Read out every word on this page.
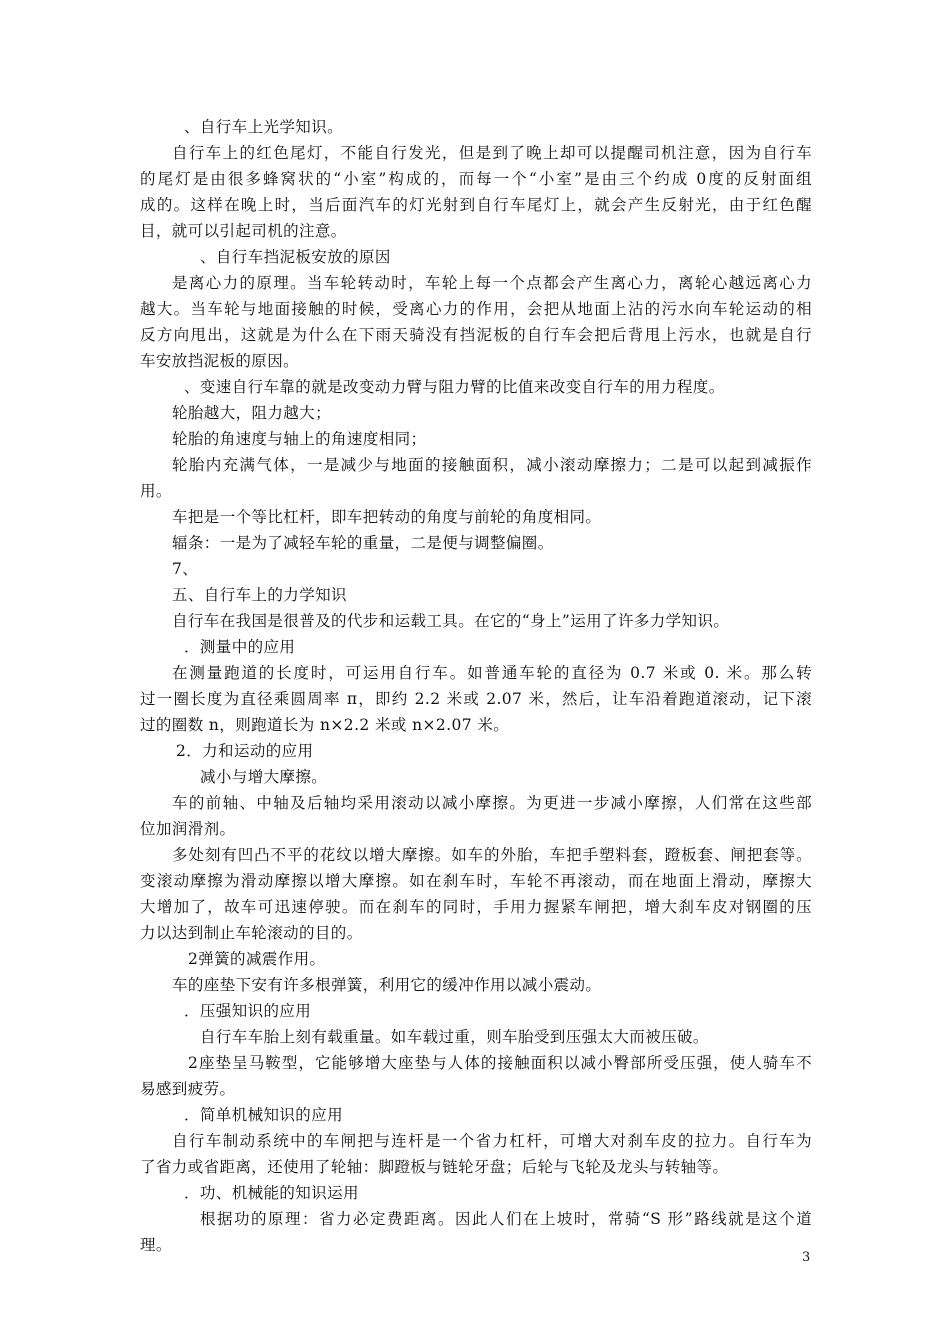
、自行车上光学知识。
自行车上的红色尾灯，不能自行发光，但是到了晚上却可以提醒司机注意，因为自行车
的尾灯是由很多蜂窝状的“小室”构成的，而每一个“小室”是由三个约成 0度的反射面组
成的。这样在晚上时，当后面汽车的灯光射到自行车尾灯上，就会产生反射光，由于红色醒
目，就可以引起司机的注意。
、自行车挡泥板安放的原因
是离心力的原理。当车轮转动时，车轮上每一个点都会产生离心力，离轮心越远离心力
越大。当车轮与地面接触的时候，受离心力的作用，会把从地面上沾的污水向车轮运动的相
反方向甩出，这就是为什么在下雨天骑没有挡泥板的自行车会把后背甩上污水，也就是自行
车安放挡泥板的原因。
、变速自行车靠的就是改变动力臂与阻力臂的比值来改变自行车的用力程度。
轮胎越大，阻力越大；
轮胎的角速度与轴上的角速度相同；
轮胎内充满气体，一是减少与地面的接触面积，减小滚动摩擦力；二是可以起到减振作
用。
车把是一个等比杠杆，即车把转动的角度与前轮的角度相同。
辐条：一是为了减轻车轮的重量，二是便与调整偏圈。
7、
五、自行车上的力学知识
自行车在我国是很普及的代步和运载工具。在它的“身上”运用了许多力学知识。
．测量中的应用
在测量跑道的长度时，可运用自行车。如普通车轮的直径为 0.7 米或 0. 米。那么转
过一圈长度为直径乘圆周率 π，即约 2.2 米或 2.07 米，然后，让车沿着跑道滚动，记下滚
过的圈数 n，则跑道长为 n×2.2 米或 n×2.07 米。
2．力和运动的应用
减小与增大摩擦。
车的前轴、中轴及后轴均采用滚动以减小摩擦。为更进一步减小摩擦，人们常在这些部
位加润滑剂。
多处刻有凹凸不平的花纹以增大摩擦。如车的外胎，车把手塑料套，蹬板套、闸把套等。
变滚动摩擦为滑动摩擦以增大摩擦。如在刹车时，车轮不再滚动，而在地面上滑动，摩擦大
大增加了，故车可迅速停驶。而在刹车的同时，手用力握紧车闸把，增大刹车皮对钢圈的压
力以达到制止车轮滚动的目的。
2弹簧的减震作用。
车的座垫下安有许多根弹簧，利用它的缓冲作用以减小震动。
．压强知识的应用
自行车车胎上刻有载重量。如车载过重，则车胎受到压强太大而被压破。
2座垫呈马鞍型，它能够增大座垫与人体的接触面积以减小臀部所受压强，使人骑车不
易感到疲劳。
．简单机械知识的应用
自行车制动系统中的车闸把与连杆是一个省力杠杆，可增大对刹车皮的拉力。自行车为
了省力或省距离，还使用了轮轴：脚蹬板与链轮牙盘；后轮与飞轮及龙头与转轴等。
．功、机械能的知识运用
根据功的原理：省力必定费距离。因此人们在上坡时，常骑“S 形”路线就是这个道
理。
3
